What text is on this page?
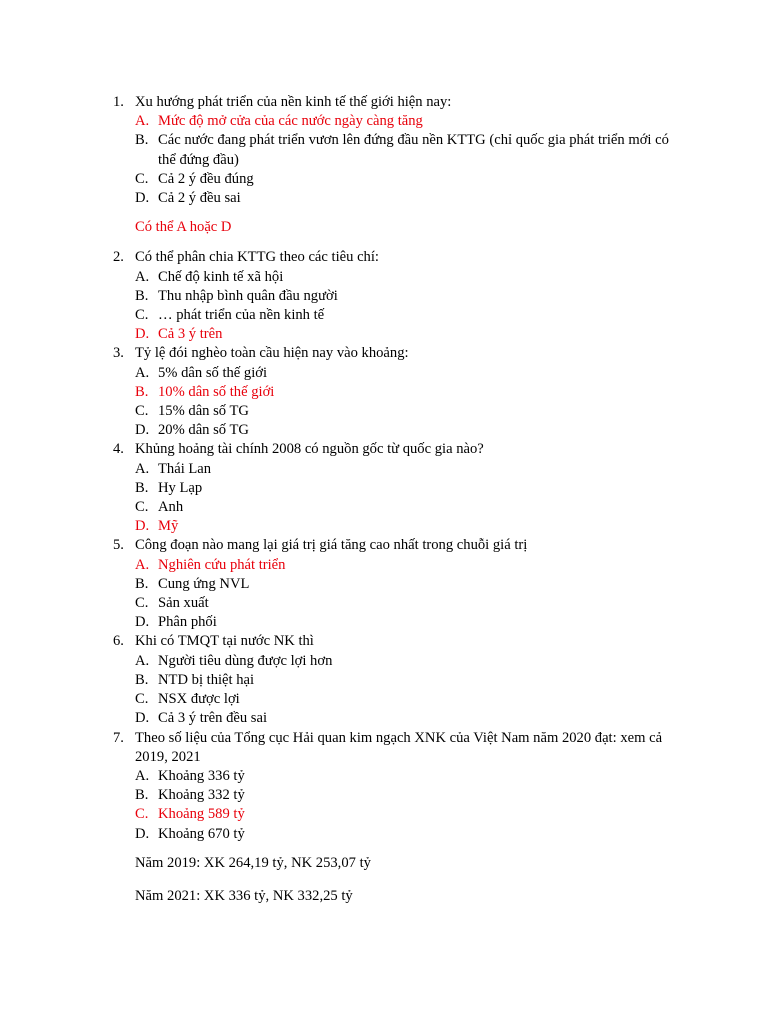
1. Xu hướng phát triển của nền kinh tế thế giới hiện nay:
A. Mức độ mở cửa của các nước ngày càng tăng
B. Các nước đang phát triển vươn lên đứng đầu nền KTTG (chỉ quốc gia phát triển mới có thể đứng đầu)
C. Cả 2 ý đều đúng
D. Cả 2 ý đều sai
Có thể A hoặc D
2. Có thể phân chia KTTG theo các tiêu chí:
A. Chế độ kinh tế xã hội
B. Thu nhập bình quân đầu người
C. … phát triển của nền kinh tế
D. Cả 3 ý trên
3. Tỷ lệ đói nghèo toàn cầu hiện nay vào khoảng:
A. 5% dân số thế giới
B. 10% dân số thế giới
C. 15% dân số TG
D. 20% dân số TG
4. Khủng hoảng tài chính 2008 có nguồn gốc từ quốc gia nào?
A. Thái Lan
B. Hy Lạp
C. Anh
D. Mỹ
5. Công đoạn nào mang lại giá trị giá tăng cao nhất trong chuỗi giá trị
A. Nghiên cứu phát triển
B. Cung ứng NVL
C. Sản xuất
D. Phân phối
6. Khi có TMQT tại nước NK thì
A. Người tiêu dùng được lợi hơn
B. NTD bị thiệt hại
C. NSX được lợi
D. Cả 3 ý trên đều sai
7. Theo số liệu của Tổng cục Hải quan kim ngạch XNK của Việt Nam năm 2020 đạt: xem cả 2019, 2021
A. Khoảng 336 tỷ
B. Khoảng 332 tỷ
C. Khoảng 589 tỷ
D. Khoảng 670 tỷ
Năm 2019: XK 264,19 tỷ, NK 253,07 tỷ
Năm 2021: XK 336 tỷ, NK 332,25 tỷ
